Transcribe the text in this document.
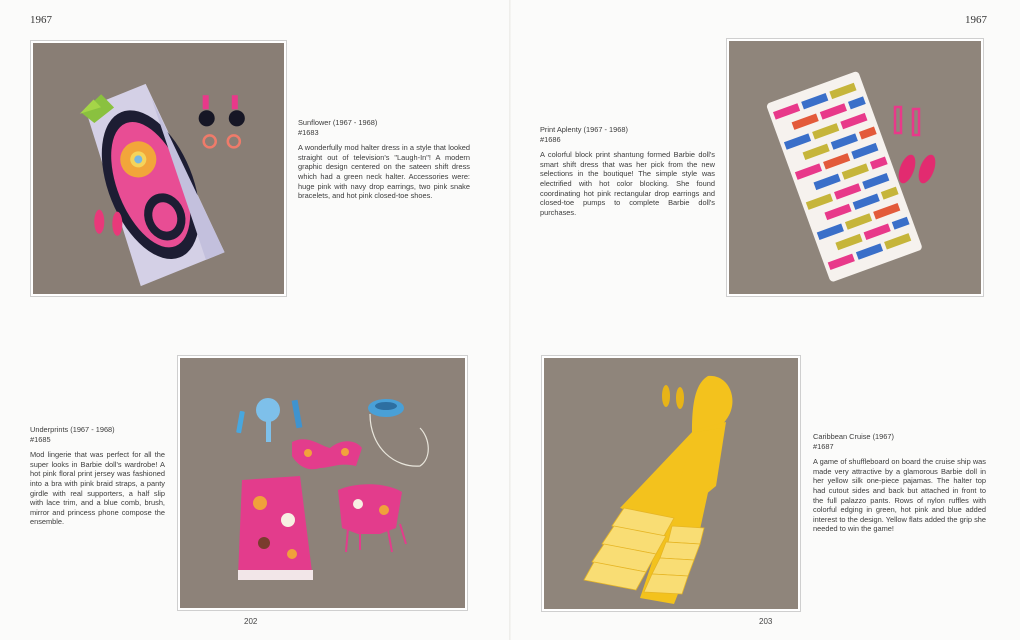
1967	1967
Sunflower (1967 - 1968)
#1683
A wonderfully mod halter dress in a style that looked straight out of television's "Laugh-In"! A modern graphic design centered on the sateen shift dress which had a green neck halter. Accessories were: huge pink with navy drop earrings, two pink snake bracelets, and hot pink closed-toe shoes.
Print Aplenty (1967 - 1968)
#1686
A colorful block print shantung formed Barbie doll's smart shift dress that was her pick from the new selections in the boutique! The simple style was electrified with hot color blocking. She found coordinating hot pink rectangular drop earrings and closed-toe pumps to complete Barbie doll's purchases.
Underprints (1967 - 1968)
#1685
Mod lingerie that was perfect for all the super looks in Barbie doll's wardrobe! A hot pink floral print jersey was fashioned into a bra with pink braid straps, a panty girdle with real supporters, a half slip with lace trim, and a blue comb, brush, mirror and princess phone compose the ensemble.
Caribbean Cruise (1967)
#1687
A game of shuffleboard on board the cruise ship was made very attractive by a glamorous Barbie doll in her yellow silk one-piece pajamas. The halter top had cutout sides and back but attached in front to the full palazzo pants. Rows of nylon ruffles with colorful edging in green, hot pink and blue added interest to the design. Yellow flats added the grip she needed to win the game!
202	203
